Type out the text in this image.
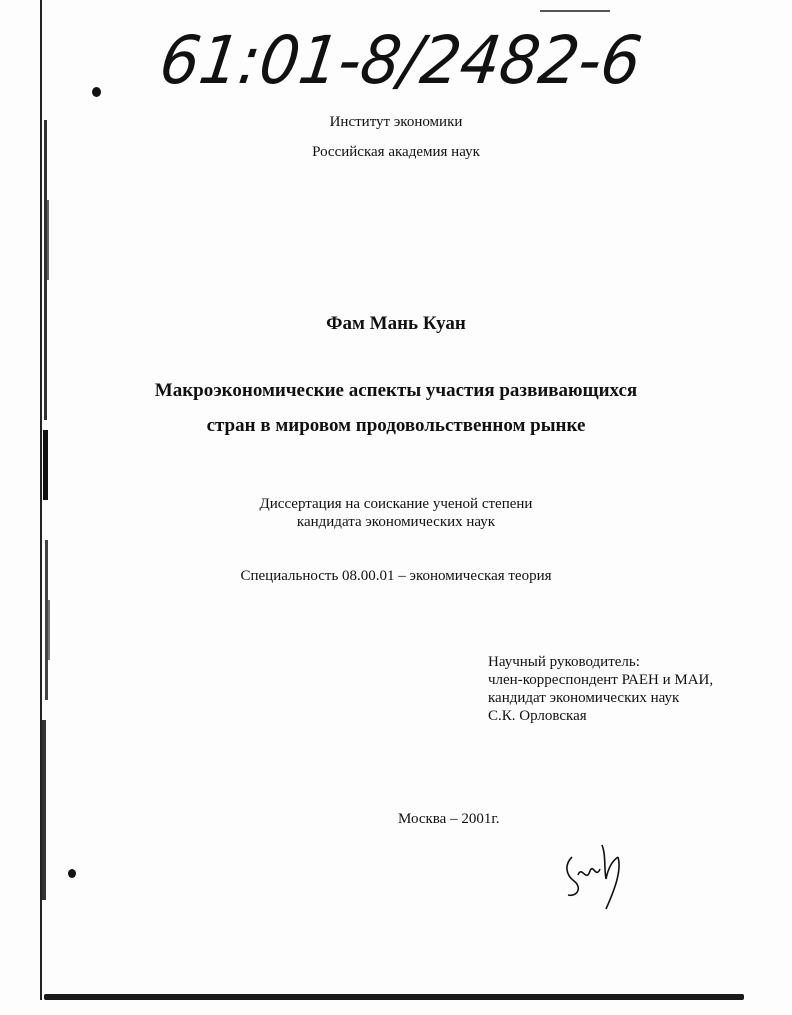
61:01-8/2482-6
Институт экономики
Российская академия наук
Фам Мань Куан
Макроэкономические аспекты участия развивающихся
стран в мировом продовольственном рынке
Диссертация на соискание ученой степени
кандидата экономических наук
Специальность 08.00.01 – экономическая теория
Научный руководитель:
член-корреспондент РАЕН и МАИ,
кандидат экономических наук
С.К. Орловская
Москва – 2001г.
